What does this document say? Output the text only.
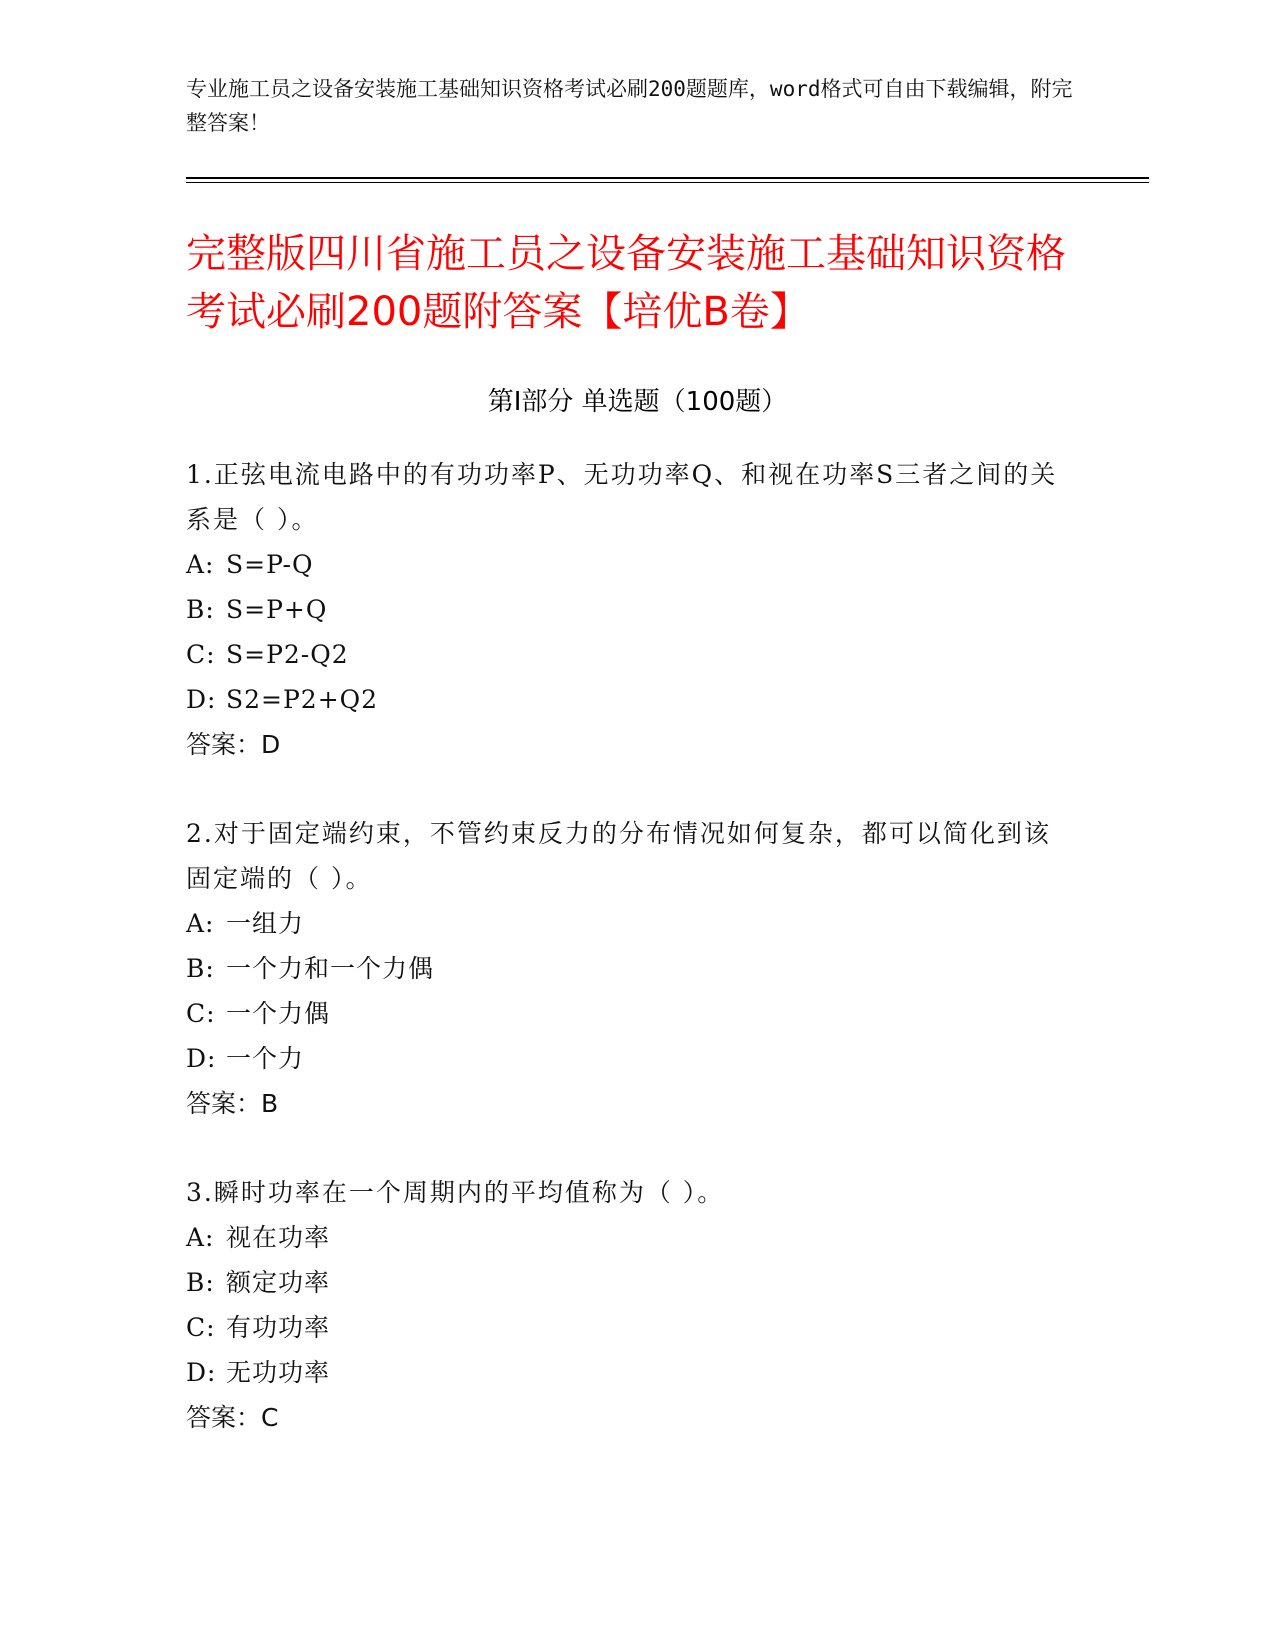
专业施工员之设备安装施工基础知识资格考试必刷200题题库，word格式可自由下载编辑，附完整答案！
完整版四川省施工员之设备安装施工基础知识资格考试必刷200题附答案【培优B卷】
第I部分 单选题（100题）

1.正弦电流电路中的有功功率P、无功功率Q、和视在功率S三者之间的关系是（ ）。

A: S=P-Q

B: S=P+Q

C: S=P2-Q2

D: S2=P2+Q2

答案：D

2.对于固定端约束，不管约束反力的分布情况如何复杂，都可以简化到该固定端的（ ）。

A: 一组力

B: 一个力和一个力偶

C: 一个力偶

D: 一个力

答案：B

3.瞬时功率在一个周期内的平均值称为（ ）。

A: 视在功率

B: 额定功率

C: 有功功率

D: 无功功率

答案：C
